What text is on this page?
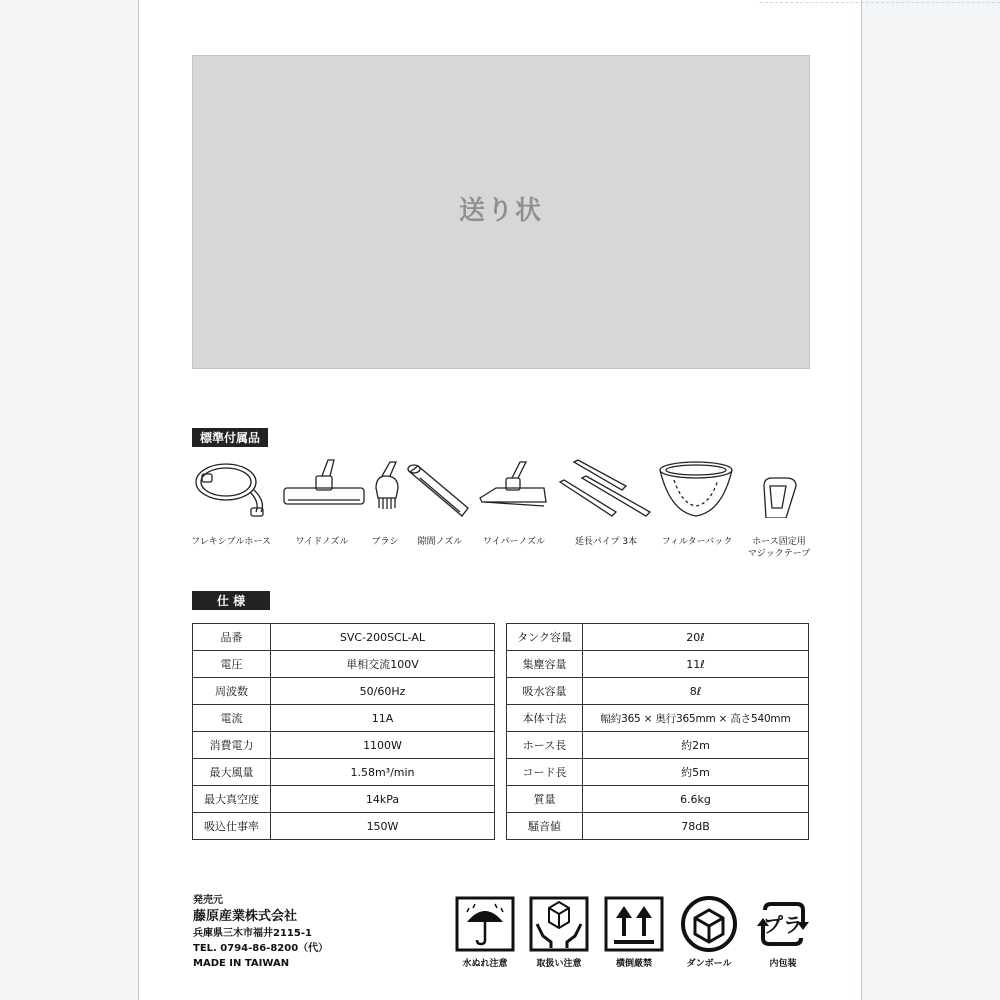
送り状
標準付属品
フレキシブルホース	ワイドノズル	ブラシ	隙間ノズル	ワイパーノズル	延長パイプ 3本	フィルターバック	ホース固定用
マジックテープ
仕 様
品番	SVC-200SCL-AL
電圧	単相交流100V
周波数	50/60Hz
電流	11A
消費電力	1100W
最大風量	1.58m³/min
最大真空度	14kPa
吸込仕事率	150W
タンク容量	20ℓ
集塵容量	11ℓ
吸水容量	8ℓ
本体寸法	幅約365 × 奥行365mm × 高さ540mm
ホース長	約2m
コード長	約5m
質量	6.6kg
騒音値	78dB
発売元
藤原産業株式会社
兵庫県三木市福井2115-1
TEL. 0794-86-8200（代）
MADE IN TAIWAN	水ぬれ注意	取扱い注意	横倒厳禁	ダンボール
プラ
内包装
